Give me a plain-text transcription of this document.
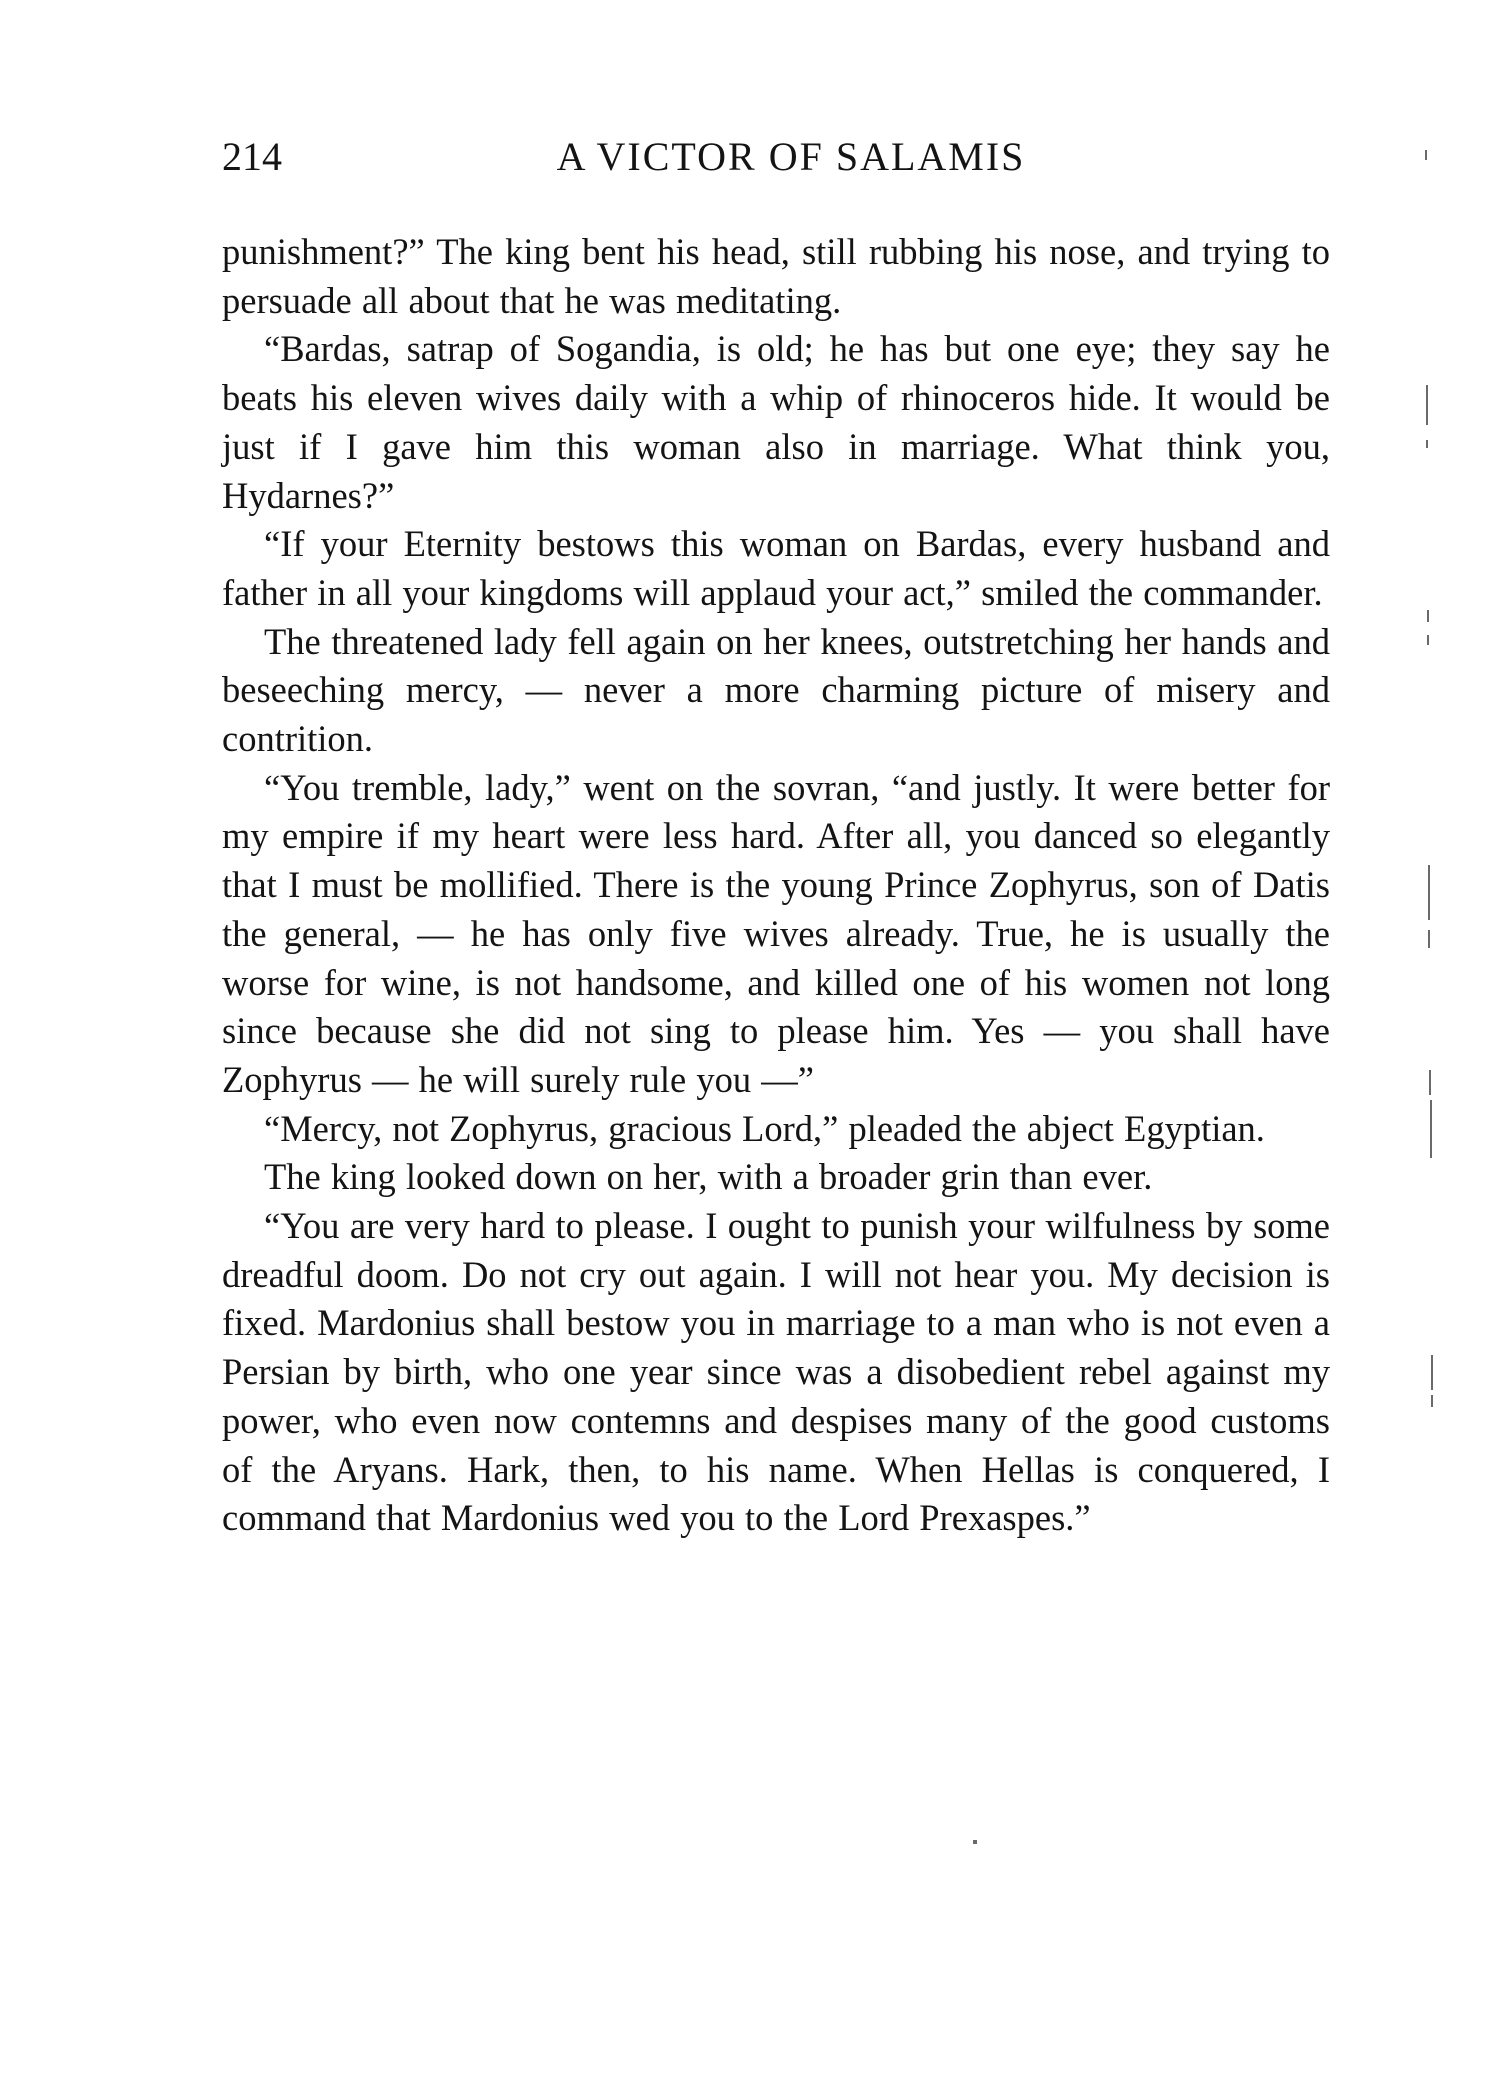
214	A VICTOR OF SALAMIS

punishment?” The king bent his head, still rubbing his nose, and trying to persuade all about that he was meditating.

“Bardas, satrap of Sogandia, is old; he has but one eye; they say he beats his eleven wives daily with a whip of rhinoceros hide. It would be just if I gave him this woman also in marriage. What think you, Hydarnes?”

“If your Eternity bestows this woman on Bardas, every husband and father in all your kingdoms will applaud your act,” smiled the commander.

The threatened lady fell again on her knees, outstretching her hands and beseeching mercy, — never a more charming picture of misery and contrition.

“You tremble, lady,” went on the sovran, “and justly. It were better for my empire if my heart were less hard. After all, you danced so elegantly that I must be mollified. There is the young Prince Zophyrus, son of Datis the general, — he has only five wives already. True, he is usually the worse for wine, is not handsome, and killed one of his women not long since because she did not sing to please him. Yes — you shall have Zophyrus — he will surely rule you —”

“Mercy, not Zophyrus, gracious Lord,” pleaded the abject Egyptian.

The king looked down on her, with a broader grin than ever.

“You are very hard to please. I ought to punish your wilfulness by some dreadful doom. Do not cry out again. I will not hear you. My decision is fixed. Mardonius shall bestow you in marriage to a man who is not even a Persian by birth, who one year since was a disobedient rebel against my power, who even now contemns and despises many of the good customs of the Aryans. Hark, then, to his name. When Hellas is conquered, I command that Mardonius wed you to the Lord Prexaspes.”
